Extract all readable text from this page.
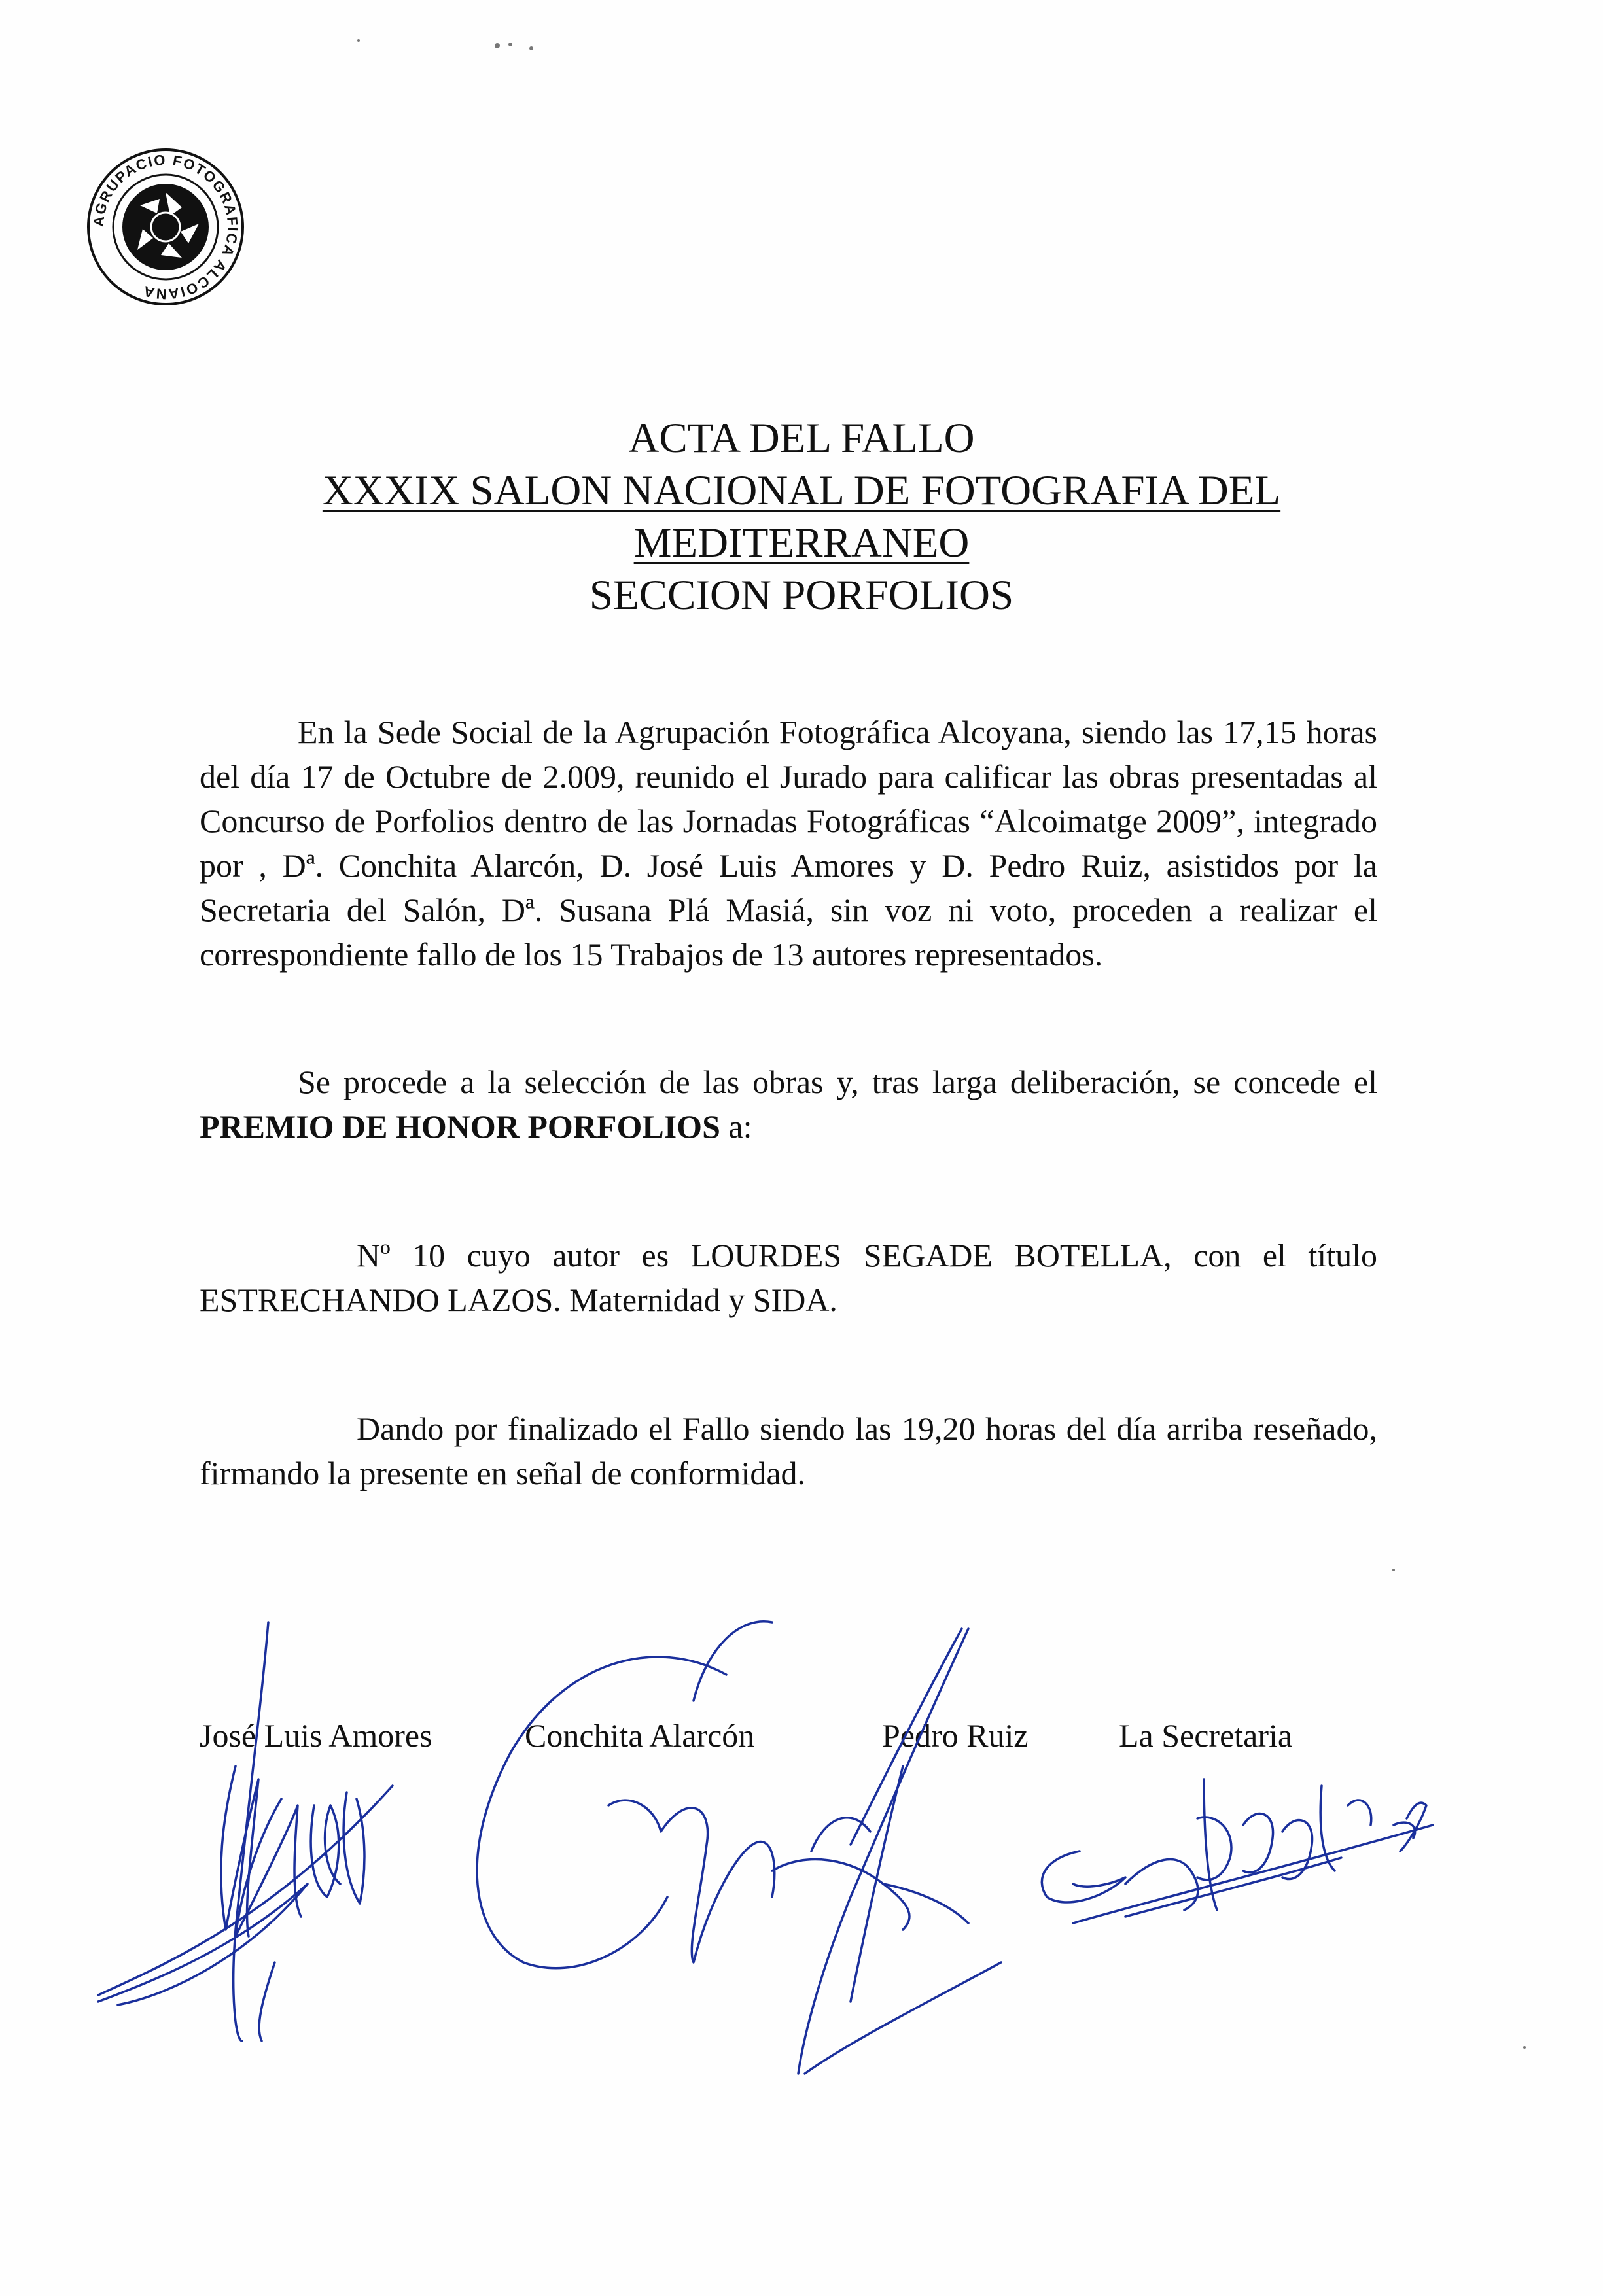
AGRUPACIO FOTOGRAFICA ALCOIANA
ACTA DEL FALLO
XXXIX SALON NACIONAL DE FOTOGRAFIA DEL
MEDITERRANEO
SECCION PORFOLIOS

En la Sede Social de la Agrupación Fotográfica Alcoyana, siendo las 17,15 horas del día 17 de Octubre de 2.009, reunido el Jurado para calificar las obras presentadas al Concurso de Porfolios dentro de las Jornadas Fotográficas “Alcoimatge 2009”, integrado por , Dª. Conchita Alarcón, D. José Luis Amores y D. Pedro Ruiz, asistidos por la Secretaria del Salón, Dª. Susana Plá Masiá, sin voz ni voto, proceden a realizar el correspondiente fallo de los 15 Trabajos de 13 autores representados.

Se procede a la selección de las obras y, tras larga deliberación, se concede el PREMIO DE HONOR PORFOLIOS a:

Nº 10 cuyo autor es LOURDES SEGADE BOTELLA, con el título ESTRECHANDO LAZOS. Maternidad y SIDA.

Dando por finalizado el Fallo siendo las 19,20 horas del día arriba reseñado, firmando la presente en señal de conformidad.

José Luis Amores	Conchita Alarcón	Pedro Ruiz	La Secretaria
